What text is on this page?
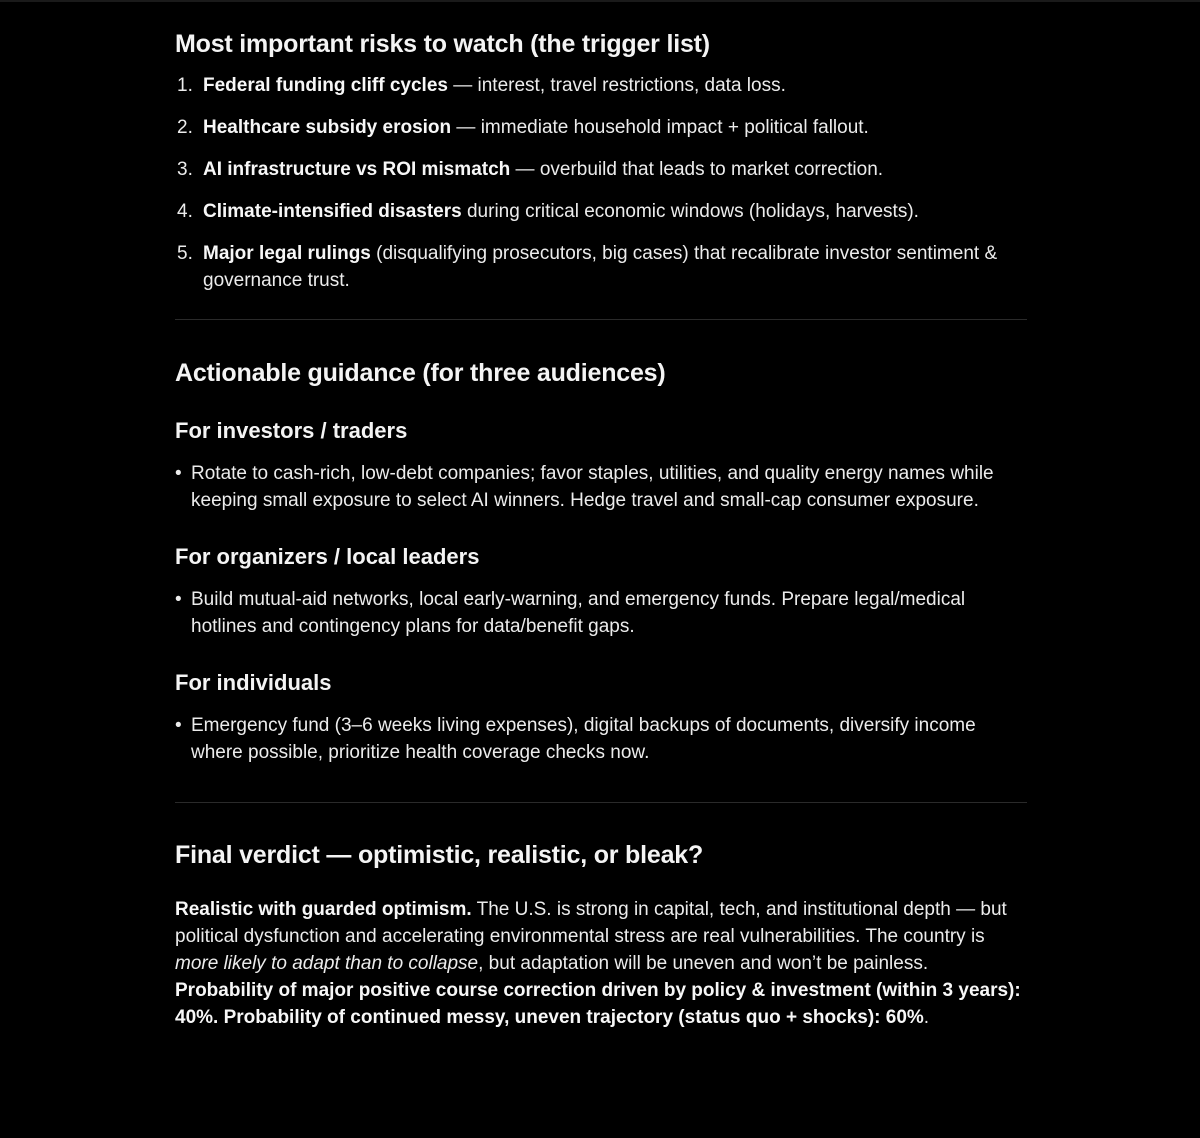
Most important risks to watch (the trigger list)
1. Federal funding cliff cycles — interest, travel restrictions, data loss.
2. Healthcare subsidy erosion — immediate household impact + political fallout.
3. AI infrastructure vs ROI mismatch — overbuild that leads to market correction.
4. Climate-intensified disasters during critical economic windows (holidays, harvests).
5. Major legal rulings (disqualifying prosecutors, big cases) that recalibrate investor sentiment & governance trust.
Actionable guidance (for three audiences)
For investors / traders
• Rotate to cash-rich, low-debt companies; favor staples, utilities, and quality energy names while keeping small exposure to select AI winners. Hedge travel and small-cap consumer exposure.
For organizers / local leaders
• Build mutual-aid networks, local early-warning, and emergency funds. Prepare legal/medical hotlines and contingency plans for data/benefit gaps.
For individuals
• Emergency fund (3–6 weeks living expenses), digital backups of documents, diversify income where possible, prioritize health coverage checks now.
Final verdict — optimistic, realistic, or bleak?

Realistic with guarded optimism. The U.S. is strong in capital, tech, and institutional depth — but political dysfunction and accelerating environmental stress are real vulnerabilities. The country is more likely to adapt than to collapse, but adaptation will be uneven and won’t be painless. Probability of major positive course correction driven by policy & investment (within 3 years): 40%. Probability of continued messy, uneven trajectory (status quo + shocks): 60%.
